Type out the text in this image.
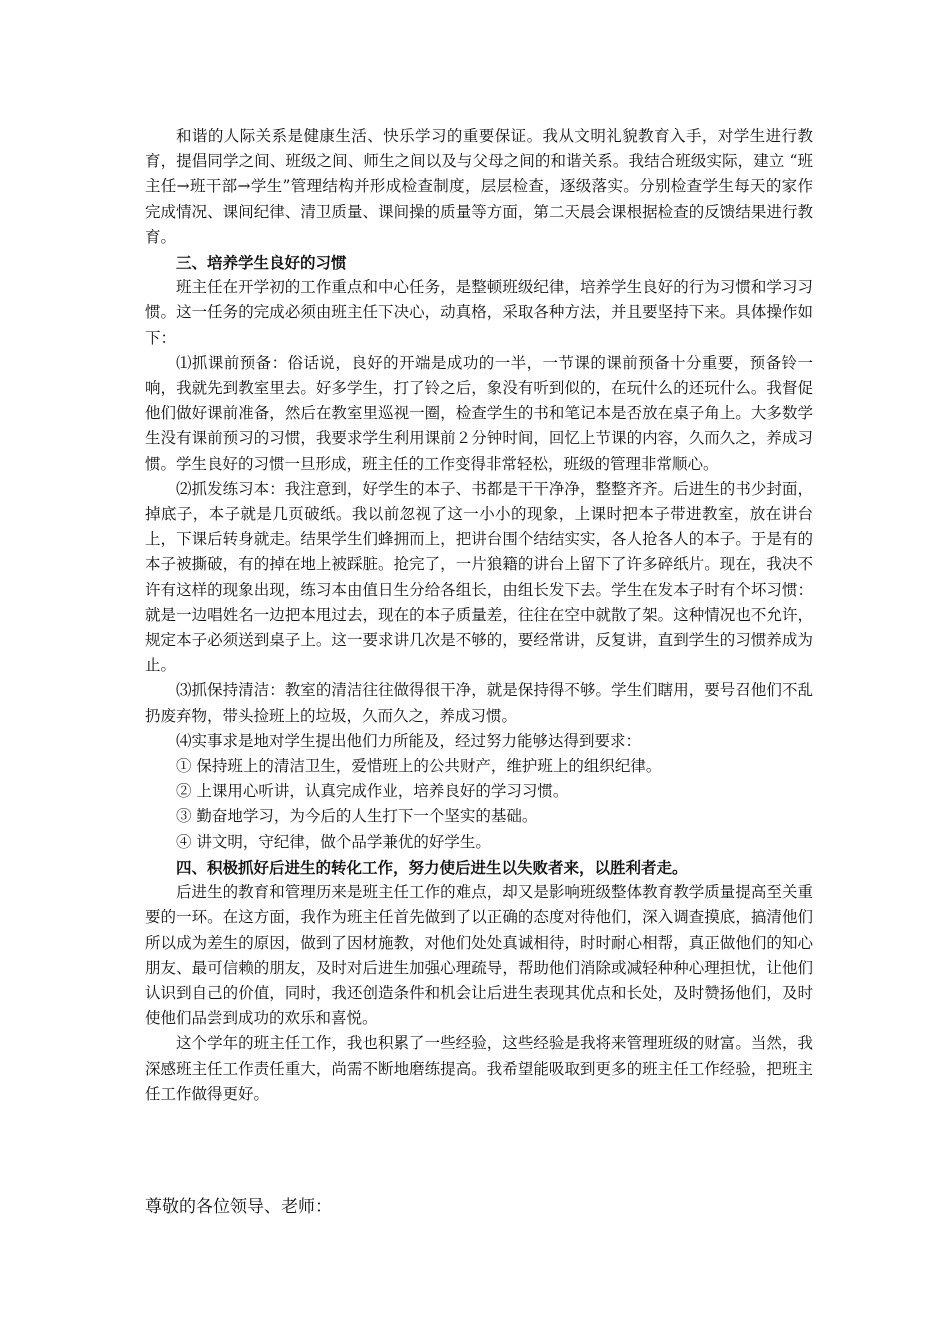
和谐的人际关系是健康生活、快乐学习的重要保证。我从文明礼貌教育入手，对学生进行教育，提倡同学之间、班级之间、师生之间以及与父母之间的和谐关系。我结合班级实际，建立 “班主任→班干部→学生”管理结构并形成检查制度，层层检查，逐级落实。分别检查学生每天的家作完成情况、课间纪律、清卫质量、课间操的质量等方面，第二天晨会课根据检查的反馈结果进行教育。

三、培养学生良好的习惯

班主任在开学初的工作重点和中心任务，是整顿班级纪律，培养学生良好的行为习惯和学习习惯。这一任务的完成必须由班主任下决心，动真格，采取各种方法，并且要坚持下来。具体操作如下：

⑴抓课前预备：俗话说，良好的开端是成功的一半，一节课的课前预备十分重要，预备铃一响，我就先到教室里去。好多学生，打了铃之后，象没有听到似的，在玩什么的还玩什么。我督促他们做好课前准备，然后在教室里巡视一圈，检查学生的书和笔记本是否放在桌子角上。大多数学生没有课前预习的习惯，我要求学生利用课前２分钟时间，回忆上节课的内容，久而久之，养成习惯。学生良好的习惯一旦形成，班主任的工作变得非常轻松，班级的管理非常顺心。

⑵抓发练习本：我注意到，好学生的本子、书都是干干净净，整整齐齐。后进生的书少封面，掉底子，本子就是几页破纸。我以前忽视了这一小小的现象，上课时把本子带进教室，放在讲台上，下课后转身就走。结果学生们蜂拥而上，把讲台围个结结实实，各人抢各人的本子。于是有的本子被撕破，有的掉在地上被踩脏。抢完了，一片狼籍的讲台上留下了许多碎纸片。现在，我决不许有这样的现象出现，练习本由值日生分给各组长，由组长发下去。学生在发本子时有个坏习惯：就是一边唱姓名一边把本甩过去，现在的本子质量差，往往在空中就散了架。这种情况也不允许，规定本子必须送到桌子上。这一要求讲几次是不够的，要经常讲，反复讲，直到学生的习惯养成为止。

⑶抓保持清洁：教室的清洁往往做得很干净，就是保持得不够。学生们瞎用，要号召他们不乱扔废弃物，带头捡班上的垃圾，久而久之，养成习惯。

⑷实事求是地对学生提出他们力所能及，经过努力能够达得到要求：

① 保持班上的清洁卫生，爱惜班上的公共财产，维护班上的组织纪律。

② 上课用心听讲，认真完成作业，培养良好的学习习惯。

③ 勤奋地学习，为今后的人生打下一个坚实的基础。

④ 讲文明，守纪律，做个品学兼优的好学生。

四、积极抓好后进生的转化工作，努力使后进生以失败者来，以胜利者走。

后进生的教育和管理历来是班主任工作的难点，却又是影响班级整体教育教学质量提高至关重要的一环。在这方面，我作为班主任首先做到了以正确的态度对待他们，深入调查摸底，搞清他们所以成为差生的原因，做到了因材施教，对他们处处真诚相待，时时耐心相帮，真正做他们的知心朋友、最可信赖的朋友，及时对后进生加强心理疏导，帮助他们消除或减轻种种心理担忧，让他们认识到自己的价值，同时，我还创造条件和机会让后进生表现其优点和长处，及时赞扬他们，及时使他们品尝到成功的欢乐和喜悦。

这个学年的班主任工作，我也积累了一些经验，这些经验是我将来管理班级的财富。当然，我深感班主任工作责任重大，尚需不断地磨练提高。我希望能吸取到更多的班主任工作经验，把班主任工作做得更好。

尊敬的各位领导、老师：
